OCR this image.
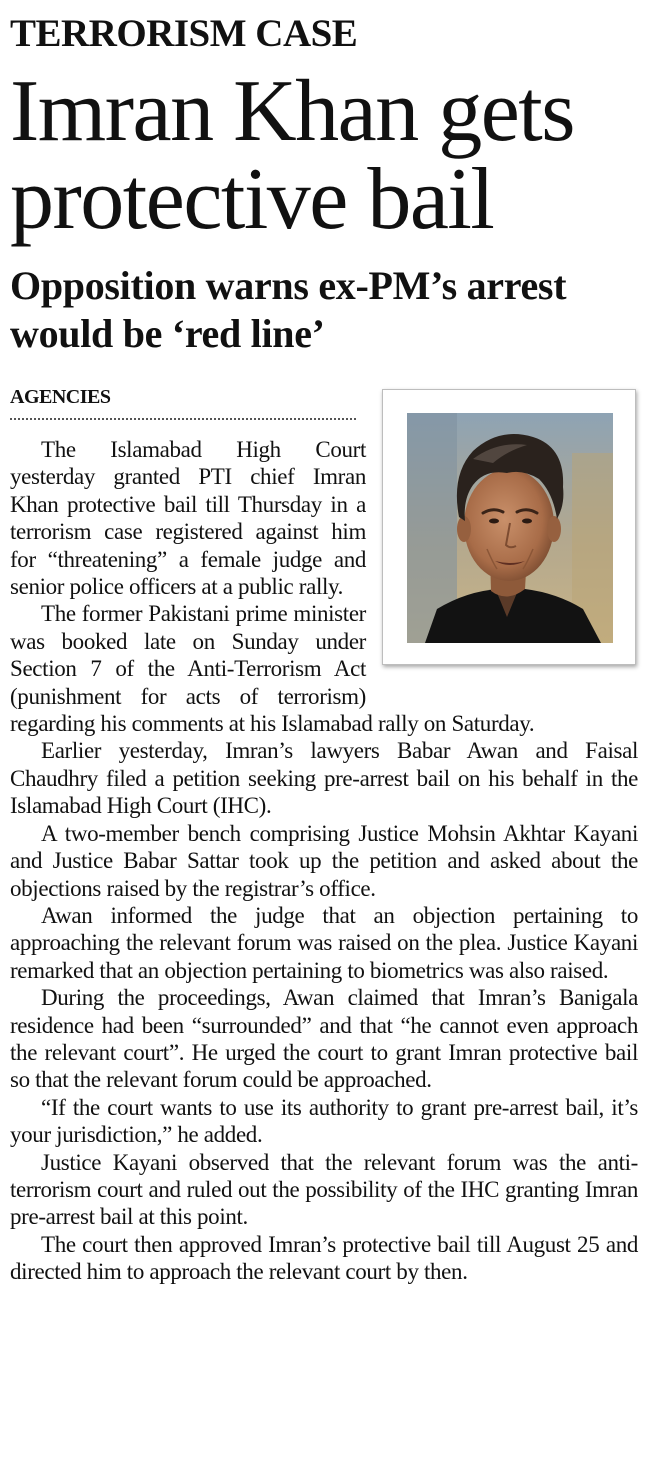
TERRORISM CASE
Imran Khan gets protective bail
Opposition warns ex-PM’s arrest would be ‘red line’
AGENCIES

The Islamabad High Court yesterday granted PTI chief Imran Khan protective bail till Thursday in a terrorism case registered against him for “threatening” a female judge and senior police officers at a public rally.

The former Pakistani prime minister was booked late on Sunday under Section 7 of the Anti-Terrorism Act (punishment for acts of terrorism) regarding his comments at his Islamabad rally on Saturday.

Earlier yesterday, Imran’s lawyers Babar Awan and Faisal Chaudhry filed a petition seeking pre-arrest bail on his behalf in the Islamabad High Court (IHC).

A two-member bench comprising Justice Mohsin Akhtar Kayani and Justice Babar Sattar took up the petition and asked about the objections raised by the registrar’s office.

Awan informed the judge that an objection pertaining to approaching the relevant forum was raised on the plea. Justice Kayani remarked that an objection pertaining to biometrics was also raised.

During the proceedings, Awan claimed that Imran’s Banigala residence had been “surrounded” and that “he cannot even approach the relevant court”. He urged the court to grant Imran protective bail so that the relevant forum could be approached.

“If the court wants to use its authority to grant pre-arrest bail, it’s your jurisdiction,” he added.

Justice Kayani observed that the relevant forum was the anti-terrorism court and ruled out the possibility of the IHC granting Imran pre-arrest bail at this point.

The court then approved Imran’s protective bail till August 25 and directed him to approach the relevant court by then.
